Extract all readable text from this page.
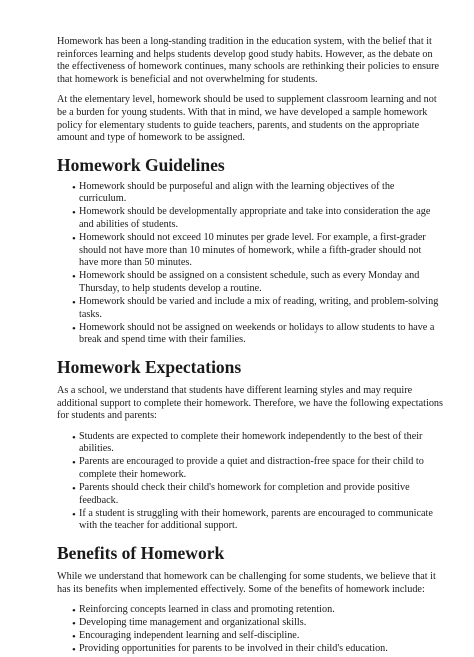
Homework has been a long-standing tradition in the education system, with the belief that it reinforces learning and helps students develop good study habits. However, as the debate on the effectiveness of homework continues, many schools are rethinking their policies to ensure that homework is beneficial and not overwhelming for students.

At the elementary level, homework should be used to supplement classroom learning and not be a burden for young students. With that in mind, we have developed a sample homework policy for elementary students to guide teachers, parents, and students on the appropriate amount and type of homework to be assigned.

Homework Guidelines
• Homework should be purposeful and align with the learning objectives of the curriculum.
• Homework should be developmentally appropriate and take into consideration the age and abilities of students.
• Homework should not exceed 10 minutes per grade level. For example, a first-grader should not have more than 10 minutes of homework, while a fifth-grader should not have more than 50 minutes.
• Homework should be assigned on a consistent schedule, such as every Monday and Thursday, to help students develop a routine.
• Homework should be varied and include a mix of reading, writing, and problem-solving tasks.
• Homework should not be assigned on weekends or holidays to allow students to have a break and spend time with their families.
Homework Expectations

As a school, we understand that students have different learning styles and may require additional support to complete their homework. Therefore, we have the following expectations for students and parents:

• Students are expected to complete their homework independently to the best of their abilities.
• Parents are encouraged to provide a quiet and distraction-free space for their child to complete their homework.
• Parents should check their child's homework for completion and provide positive feedback.
• If a student is struggling with their homework, parents are encouraged to communicate with the teacher for additional support.
Benefits of Homework

While we understand that homework can be challenging for some students, we believe that it has its benefits when implemented effectively. Some of the benefits of homework include:

• Reinforcing concepts learned in class and promoting retention.
• Developing time management and organizational skills.
• Encouraging independent learning and self-discipline.
• Providing opportunities for parents to be involved in their child's education.
